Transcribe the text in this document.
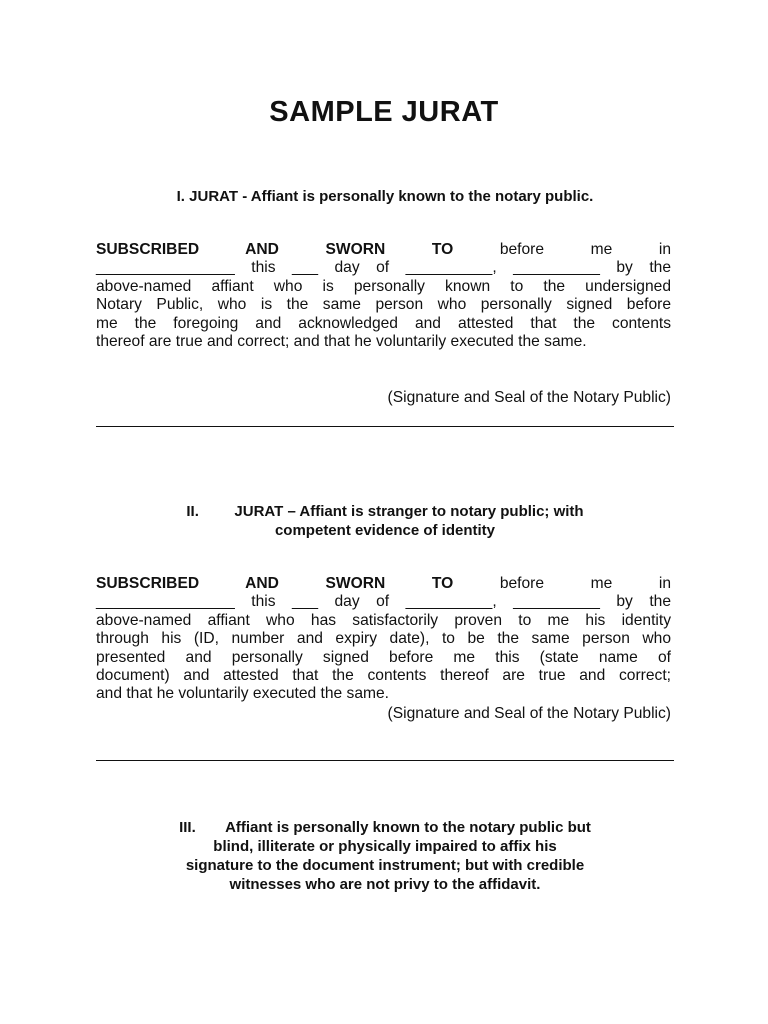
SAMPLE JURAT

I. JURAT - Affiant is personally known to the notary public.

SUBSCRIBED AND SWORN TO	before me in
________________ this ___ day of __________, __________ by the
above-named affiant who is personally known to the undersigned
Notary Public, who is the same person who personally signed before
me the foregoing and acknowledged and attested that the contents
thereof are true and correct; and that he voluntarily executed the same.

(Signature and Seal of the Notary Public)

II. JURAT – Affiant is stranger to notary public; with
competent evidence of identity

SUBSCRIBED AND SWORN TO	before me in
________________ this ___ day of __________, __________ by the
above-named affiant who has satisfactorily proven to me his identity
through his (ID, number and expiry date), to be the same person who
presented and personally signed before me this (state name of
document) and attested that the contents thereof are true and correct;
and that he voluntarily executed the same.

(Signature and Seal of the Notary Public)

III. Affiant is personally known to the notary public but
blind, illiterate or physically impaired to affix his
signature to the document instrument; but with credible
witnesses who are not privy to the affidavit.
